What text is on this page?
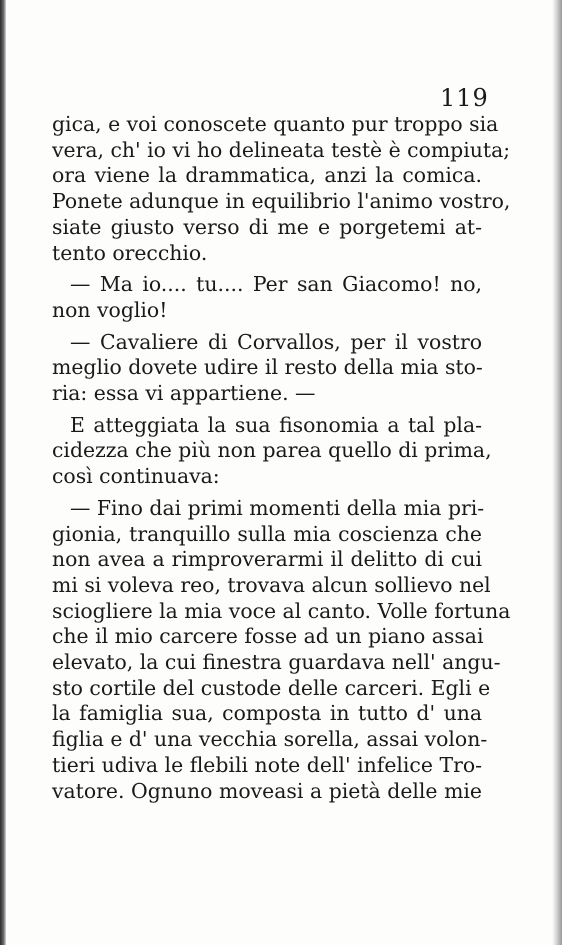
119
gica, e voi conoscete quanto pur troppo sia
vera, ch' io vi ho delineata testè è compiuta;
ora viene la drammatica, anzi la comica.
Ponete adunque in equilibrio l'animo vostro,
siate giusto verso di me e porgetemi at-
tento orecchio.
— Ma io.... tu.... Per san Giacomo! no,
non voglio!
— Cavaliere di Corvallos, per il vostro
meglio dovete udire il resto della mia sto-
ria: essa vi appartiene. —
E atteggiata la sua fisonomia a tal pla-
cidezza che più non parea quello di prima,
così continuava:
— Fino dai primi momenti della mia pri-
gionia, tranquillo sulla mia coscienza che
non avea a rimproverarmi il delitto di cui
mi si voleva reo, trovava alcun sollievo nel
sciogliere la mia voce al canto. Volle fortuna
che il mio carcere fosse ad un piano assai
elevato, la cui finestra guardava nell' angu-
sto cortile del custode delle carceri. Egli e
la famiglia sua, composta in tutto d' una
figlia e d' una vecchia sorella, assai volon-
tieri udiva le flebili note dell' infelice Tro-
vatore. Ognuno moveasi a pietà delle mie
